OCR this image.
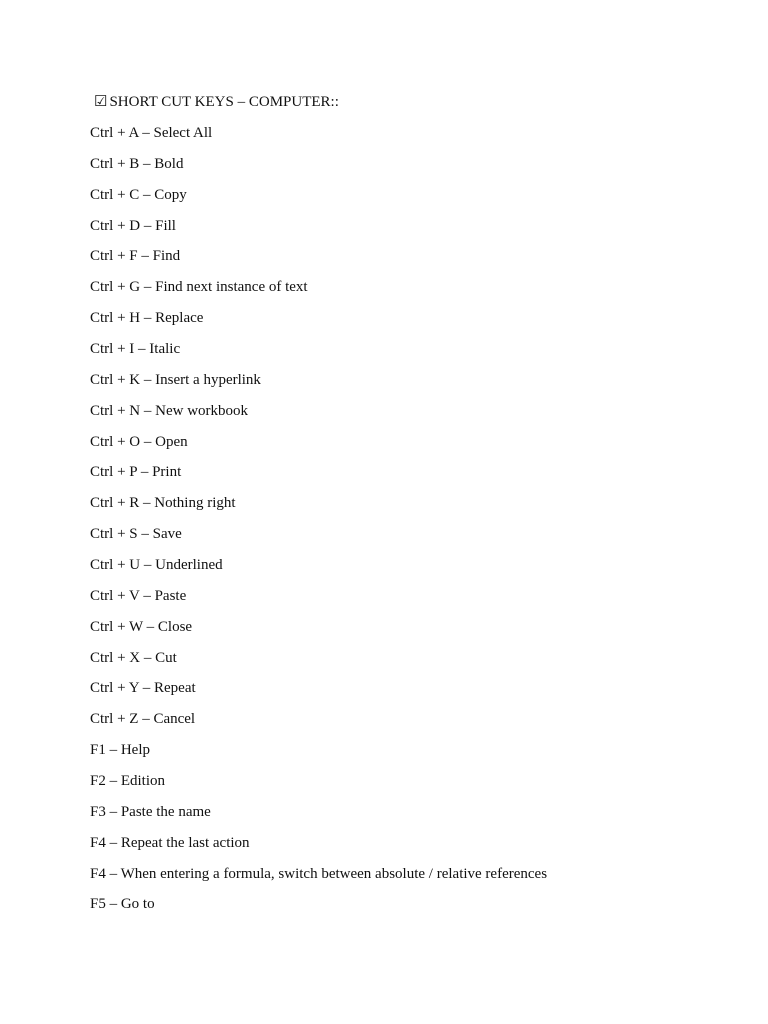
☑ SHORT CUT KEYS – COMPUTER::
Ctrl + A – Select All
Ctrl + B – Bold
Ctrl + C – Copy
Ctrl + D – Fill
Ctrl + F – Find
Ctrl + G – Find next instance of text
Ctrl + H – Replace
Ctrl + I – Italic
Ctrl + K – Insert a hyperlink
Ctrl + N – New workbook
Ctrl + O – Open
Ctrl + P – Print
Ctrl + R – Nothing right
Ctrl + S – Save
Ctrl + U – Underlined
Ctrl + V – Paste
Ctrl + W – Close
Ctrl + X – Cut
Ctrl + Y – Repeat
Ctrl + Z – Cancel
F1 – Help
F2 – Edition
F3 – Paste the name
F4 – Repeat the last action
F4 – When entering a formula, switch between absolute / relative references
F5 – Go to
